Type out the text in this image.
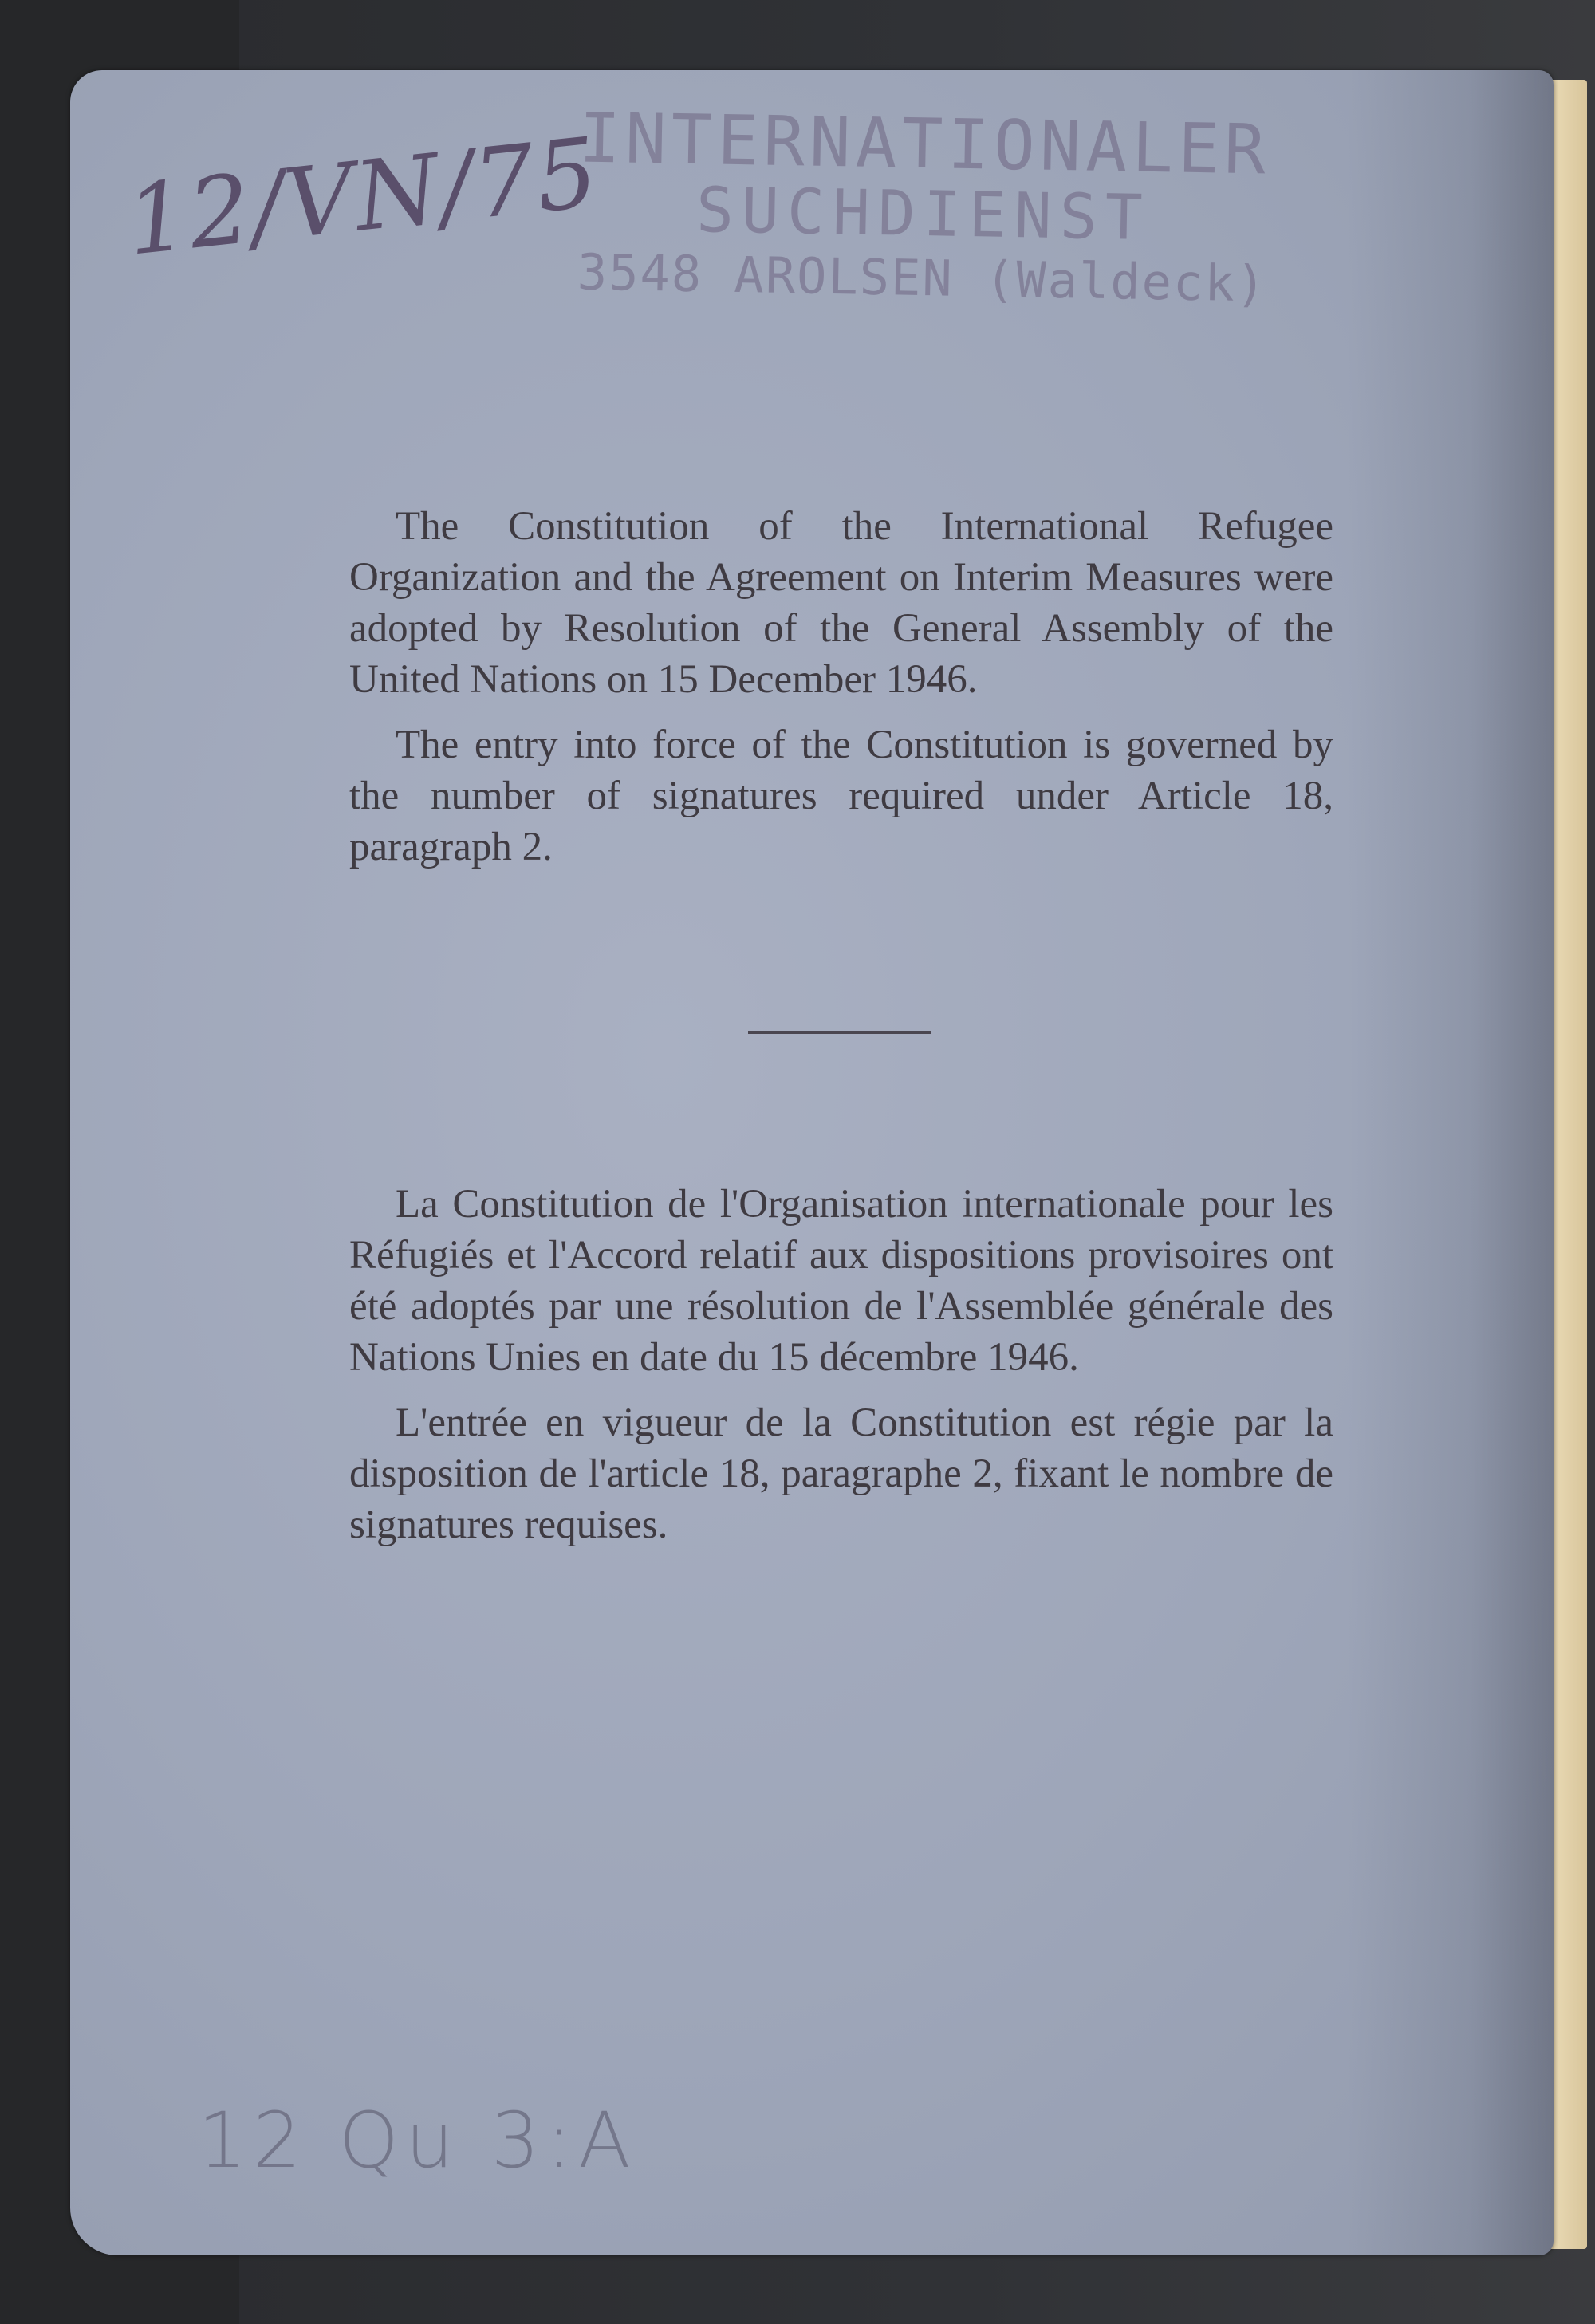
12/VN/75
INTERNATIONALER
SUCHDIENST
3548 AROLSEN (Waldeck)

The Constitution of the International Refugee Organization and the Agreement on Interim Measures were adopted by Resolution of the General Assembly of the United Nations on 15 December 1946.

The entry into force of the Constitution is governed by the number of signatures required under Article 18, paragraph 2.

La Constitution de l'Organisation internationale pour les Réfugiés et l'Accord relatif aux dispositions provisoires ont été adoptés par une résolution de l'Assemblée générale des Nations Unies en date du 15 décembre 1946.

L'entrée en vigueur de la Constitution est régie par la disposition de l'article 18, paragraphe 2, fixant le nombre de signatures requises.

12 Qu 3:A
